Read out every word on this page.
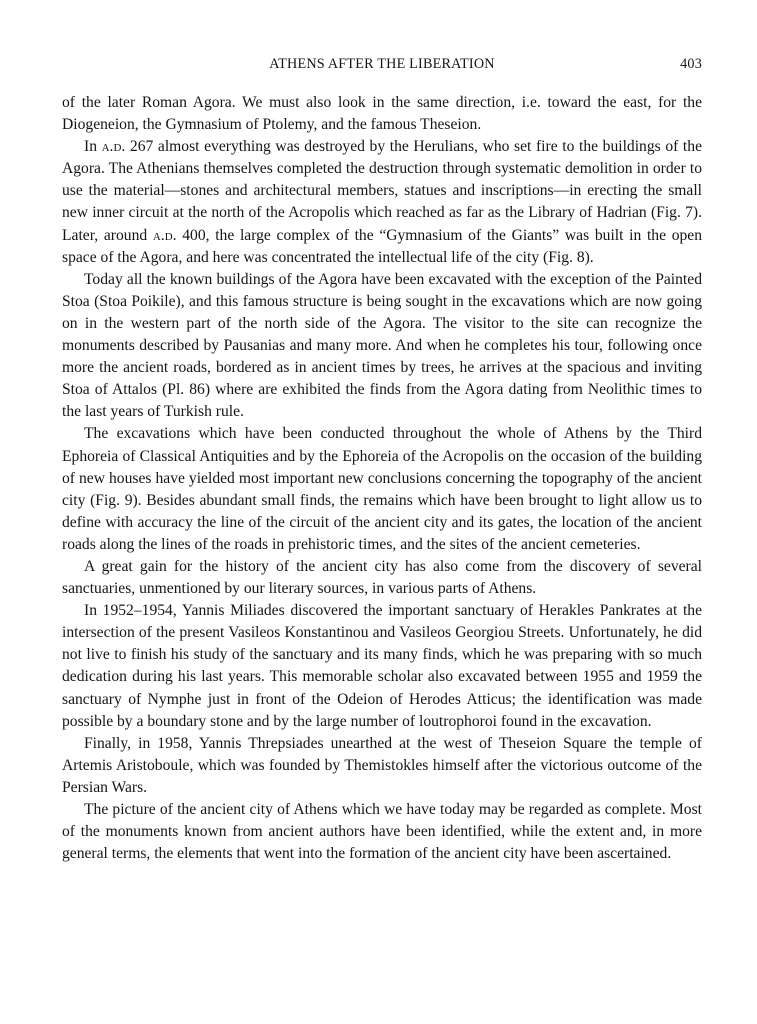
ATHENS AFTER THE LIBERATION	403

of the later Roman Agora. We must also look in the same direction, i.e. toward the east, for the Diogeneion, the Gymnasium of Ptolemy, and the famous Theseion.

In a.d. 267 almost everything was destroyed by the Herulians, who set fire to the buildings of the Agora. The Athenians themselves completed the destruction through systematic demolition in order to use the material—stones and architectural members, statues and inscriptions—in erecting the small new inner circuit at the north of the Acropolis which reached as far as the Library of Hadrian (Fig. 7). Later, around a.d. 400, the large complex of the “Gymnasium of the Giants” was built in the open space of the Agora, and here was concentrated the intellectual life of the city (Fig. 8).

Today all the known buildings of the Agora have been excavated with the exception of the Painted Stoa (Stoa Poikile), and this famous structure is being sought in the excavations which are now going on in the western part of the north side of the Agora. The visitor to the site can recognize the monuments described by Pausanias and many more. And when he completes his tour, following once more the ancient roads, bordered as in ancient times by trees, he arrives at the spacious and inviting Stoa of Attalos (Pl. 86) where are exhibited the finds from the Agora dating from Neolithic times to the last years of Turkish rule.

The excavations which have been conducted throughout the whole of Athens by the Third Ephoreia of Classical Antiquities and by the Ephoreia of the Acropolis on the occasion of the building of new houses have yielded most important new conclusions concerning the topography of the ancient city (Fig. 9). Besides abundant small finds, the remains which have been brought to light allow us to define with accuracy the line of the circuit of the ancient city and its gates, the location of the ancient roads along the lines of the roads in prehistoric times, and the sites of the ancient cemeteries.

A great gain for the history of the ancient city has also come from the discovery of several sanctuaries, unmentioned by our literary sources, in various parts of Athens.

In 1952–1954, Yannis Miliades discovered the important sanctuary of Herakles Pankrates at the intersection of the present Vasileos Konstantinou and Vasileos Georgiou Streets. Unfortunately, he did not live to finish his study of the sanctuary and its many finds, which he was preparing with so much dedication during his last years. This memorable scholar also excavated between 1955 and 1959 the sanctuary of Nymphe just in front of the Odeion of Herodes Atticus; the identification was made possible by a boundary stone and by the large number of loutrophoroi found in the excavation.

Finally, in 1958, Yannis Threpsiades unearthed at the west of Theseion Square the temple of Artemis Aristoboule, which was founded by Themistokles himself after the victorious outcome of the Persian Wars.

The picture of the ancient city of Athens which we have today may be regarded as complete. Most of the monuments known from ancient authors have been identified, while the extent and, in more general terms, the elements that went into the formation of the ancient city have been ascertained.
